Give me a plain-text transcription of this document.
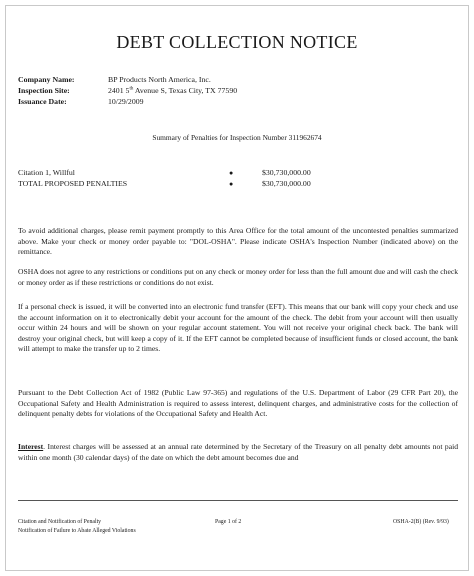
DEBT COLLECTION NOTICE
Company Name:	BP Products North America, Inc.
Inspection Site:	2401 5th Avenue S, Texas City, TX 77590
Issuance Date:	10/29/2009
Summary of Penalties for Inspection Number 311962674
Citation 1, Willful	●	$30,730,000.00
TOTAL PROPOSED PENALTIES	●	$30,730,000.00

To avoid additional charges, please remit payment promptly to this Area Office for the total amount of the uncontested penalties summarized above. Make your check or money order payable to: "DOL-OSHA". Please indicate OSHA's Inspection Number (indicated above) on the remittance.

OSHA does not agree to any restrictions or conditions put on any check or money order for less than the full amount due and will cash the check or money order as if these restrictions or conditions do not exist.

If a personal check is issued, it will be converted into an electronic fund transfer (EFT). This means that our bank will copy your check and use the account information on it to electronically debit your account for the amount of the check. The debit from your account will then usually occur within 24 hours and will be shown on your regular account statement. You will not receive your original check back. The bank will destroy your original check, but will keep a copy of it. If the EFT cannot be completed because of insufficient funds or closed account, the bank will attempt to make the transfer up to 2 times.

Pursuant to the Debt Collection Act of 1982 (Public Law 97-365) and regulations of the U.S. Department of Labor (29 CFR Part 20), the Occupational Safety and Health Administration is required to assess interest, delinquent charges, and administrative costs for the collection of delinquent penalty debts for violations of the Occupational Safety and Health Act.

Interest. Interest charges will be assessed at an annual rate determined by the Secretary of the Treasury on all penalty debt amounts not paid within one month (30 calendar days) of the date on which the debt amount becomes due and

Citation and Notification of Penalty
Notification of Failure to Abate Alleged Violations
Page 1 of 2	OSHA-2(B) (Rev. 9/93)
